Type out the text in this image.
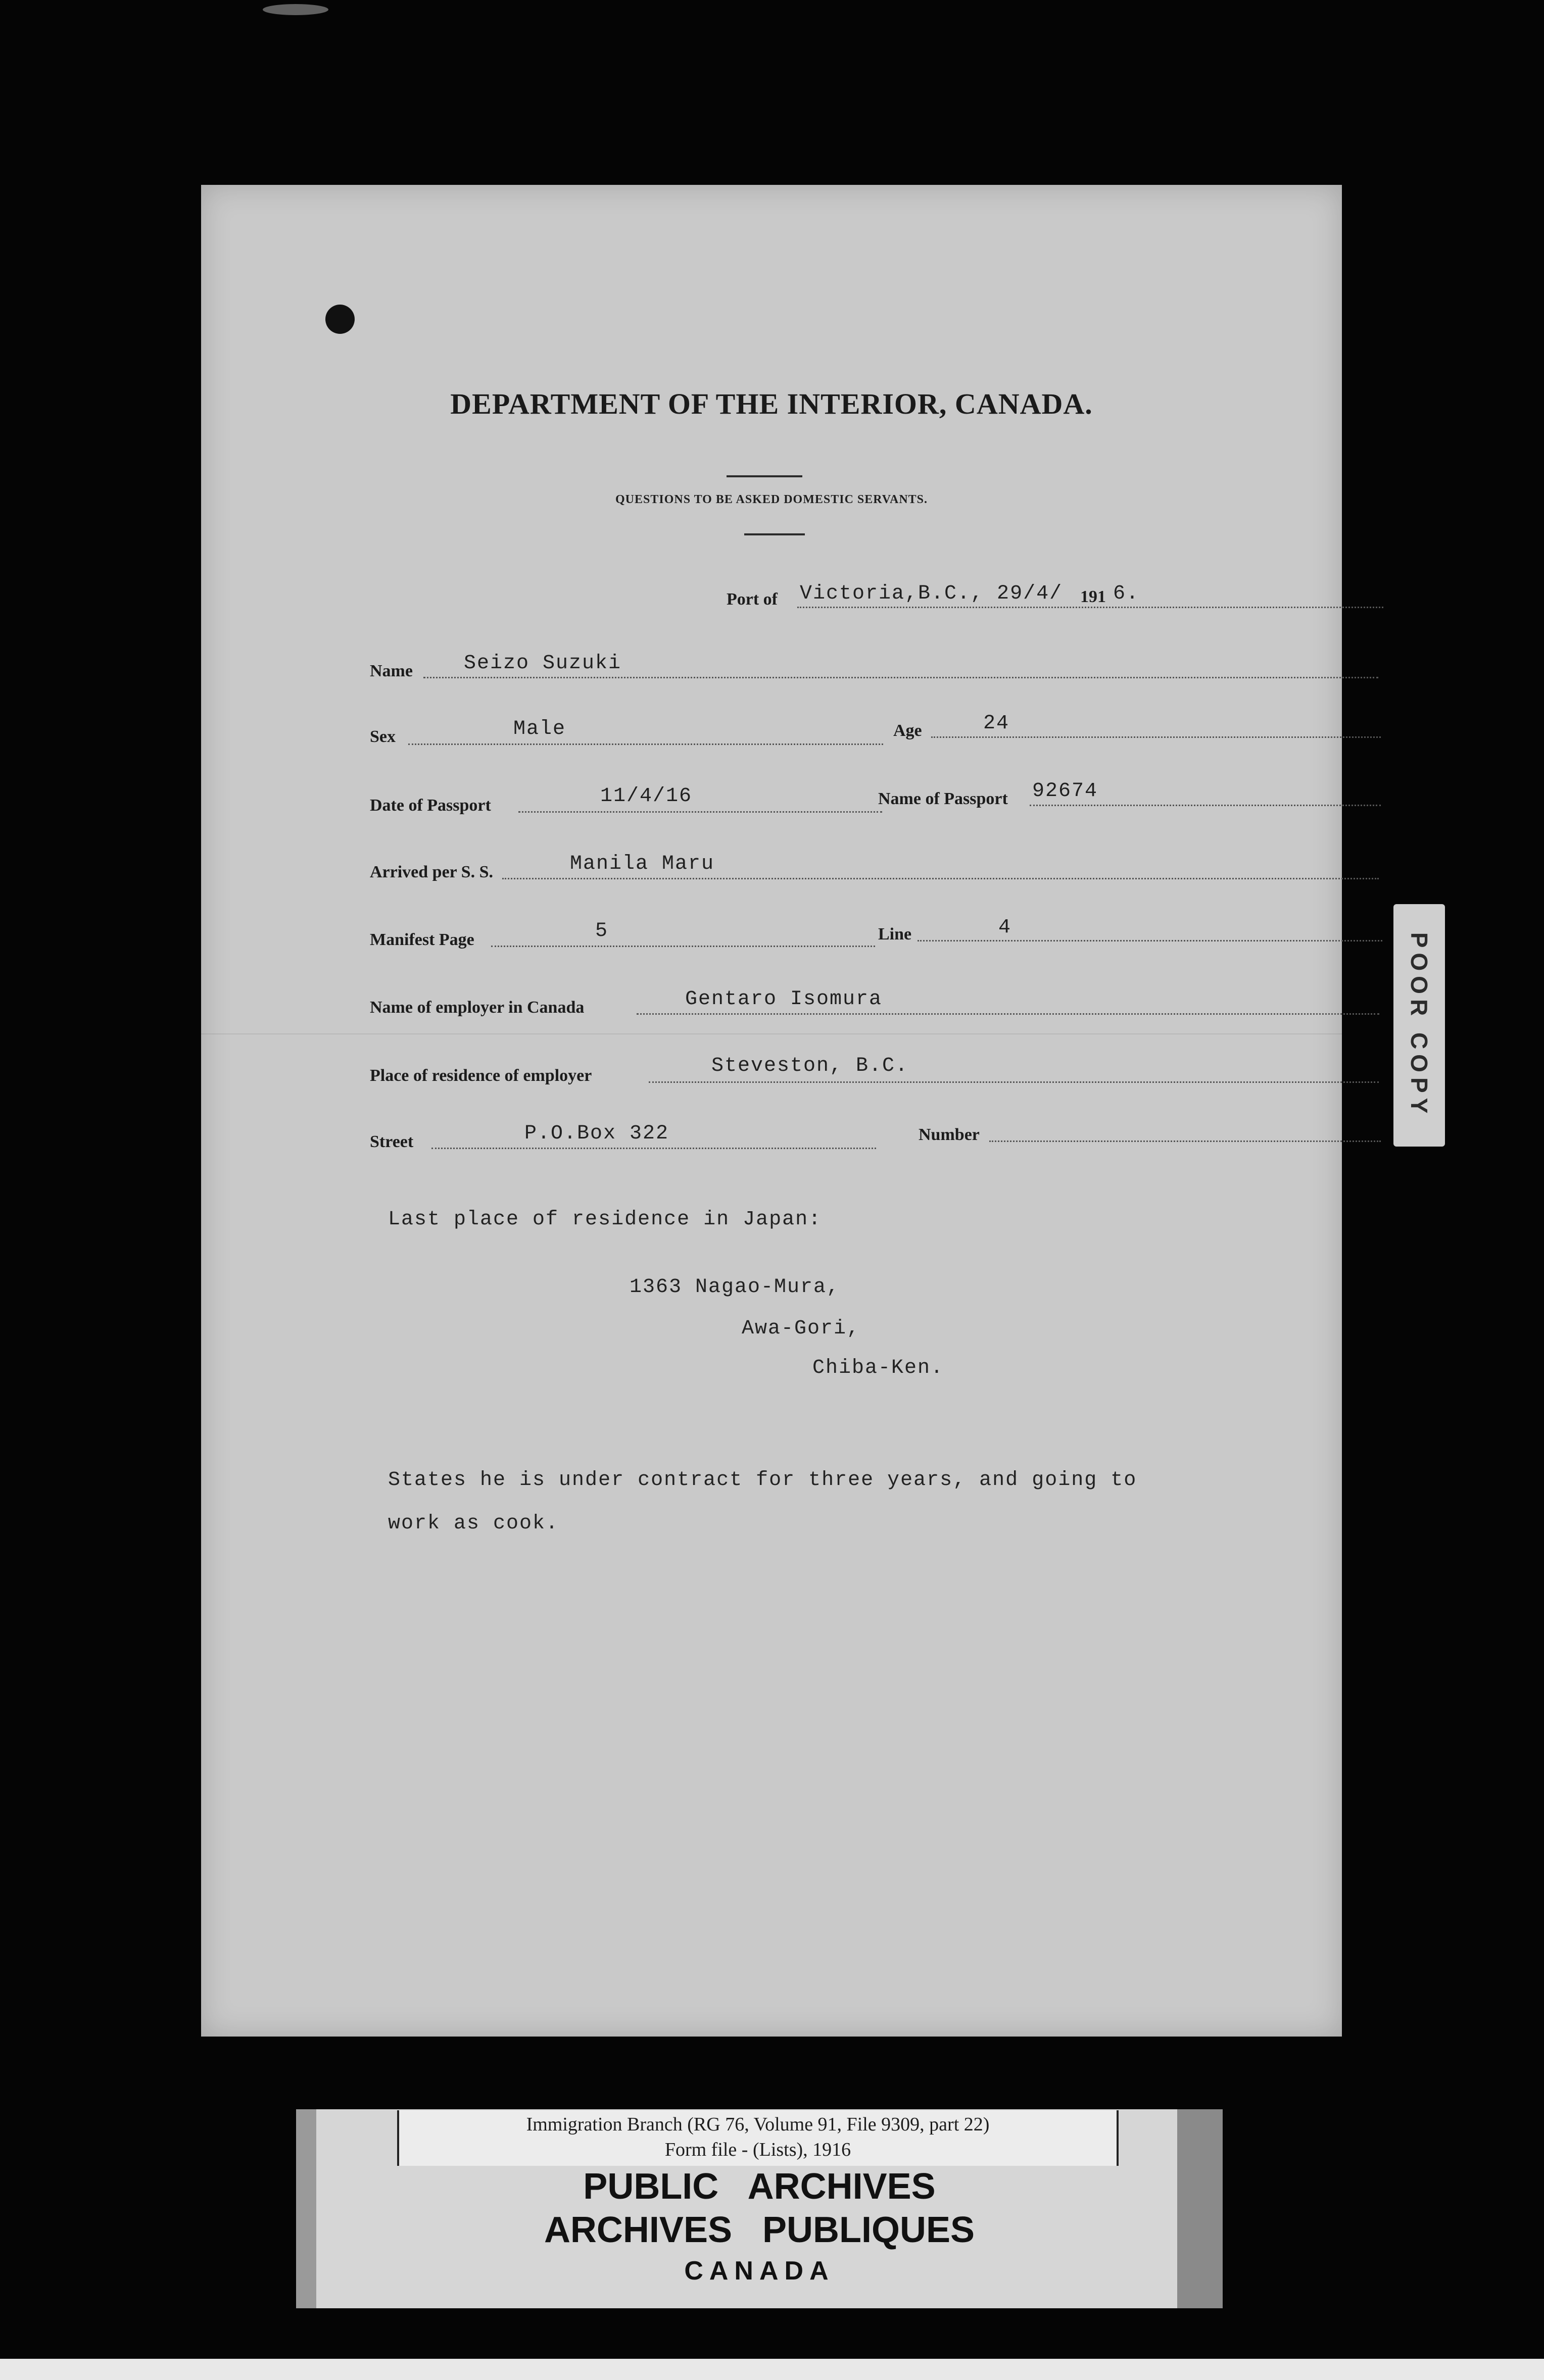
DEPARTMENT OF THE INTERIOR, CANADA.
QUESTIONS TO BE ASKED DOMESTIC SERVANTS.
Port of Victoria,B.C., 29/4/ 191 6.
Name	Seizo Suzuki
Sex	Male	Age	24
Date of Passport	11/4/16	Name of Passport 92674
Arrived per S. S.	Manila Maru
Manifest Page	5	Line	4
Name of employer in Canada	Gentaro Isomura
Place of residence of employer	Steveston, B.C.
Street	P.O.Box 322	Number
Last place of residence in Japan:
1363 Nagao-Mura,
Awa-Gori,
Chiba-Ken.
States he is under contract for three years, and going to
work as cook.
POOR COPY
Immigration Branch (RG 76, Volume 91, File 9309, part 22)
Form file - (Lists), 1916
PUBLIC   ARCHIVES
ARCHIVES   PUBLIQUES
CANADA
